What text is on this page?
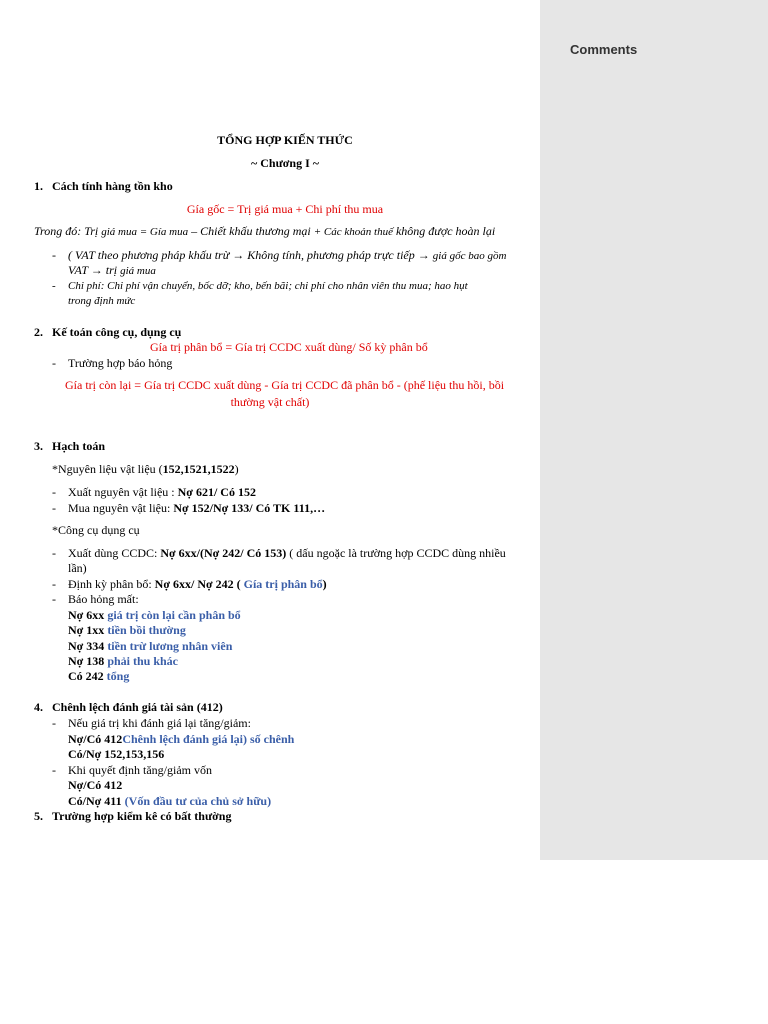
TỔNG HỢP KIẾN THỨC
~ Chương I ~
1. Cách tính hàng tồn kho
Gía gốc = Trị giá mua + Chi phí thu mua
Trong đó: Trị giá mua = Gía mua – Chiết khấu thương mại + Các khoản thuế không được hoàn lại
- ( VAT theo phương pháp khấu trừ → Không tính, phương pháp trực tiếp → giá gốc bao gồm
VAT → trị giá mua
- Chi phí: Chi phí vận chuyển, bốc dỡ; kho, bến bãi; chi phí cho nhân viên thu mua; hao hụt
trong định mức
2. Kế toán công cụ, dụng cụ
Gía trị phân bổ = Gía trị CCDC xuất dùng/ Số kỳ phân bổ
- Trường hợp báo hỏng
Gía trị còn lại = Gía trị CCDC xuất dùng - Gía trị CCDC đã phân bổ - (phế liệu thu hồi, bồi
thường vật chất)
3. Hạch toán
*Nguyên liệu vật liệu (152,1521,1522)
- Xuất nguyên vật liệu : Nợ 621/ Có 152
- Mua nguyên vật liệu: Nợ 152/Nợ 133/ Có TK 111,…
*Công cụ dụng cụ
- Xuất dùng CCDC: Nợ 6xx/(Nợ 242/ Có 153) ( dấu ngoặc là trường hợp CCDC dùng nhiều
lần)
- Định kỳ phân bổ: Nợ 6xx/ Nợ 242 ( Gía trị phân bổ)
- Báo hỏng mất:
Nợ 6xx giá trị còn lại cần phân bổ
Nợ 1xx tiền bồi thường
Nợ 334 tiền trừ lương nhân viên
Nợ 138 phải thu khác
Có 242 tổng
4. Chênh lệch đánh giá tài sản (412)
- Nếu giá trị khi đánh giá lại tăng/giảm:
Nợ/Có 412Chênh lệch đánh giá lại) số chênh
Có/Nợ 152,153,156
- Khi quyết định tăng/giảm vốn
Nợ/Có 412
Có/Nợ 411 (Vốn đầu tư của chủ sở hữu)
5. Trường hợp kiểm kê có bất thường
Comments
